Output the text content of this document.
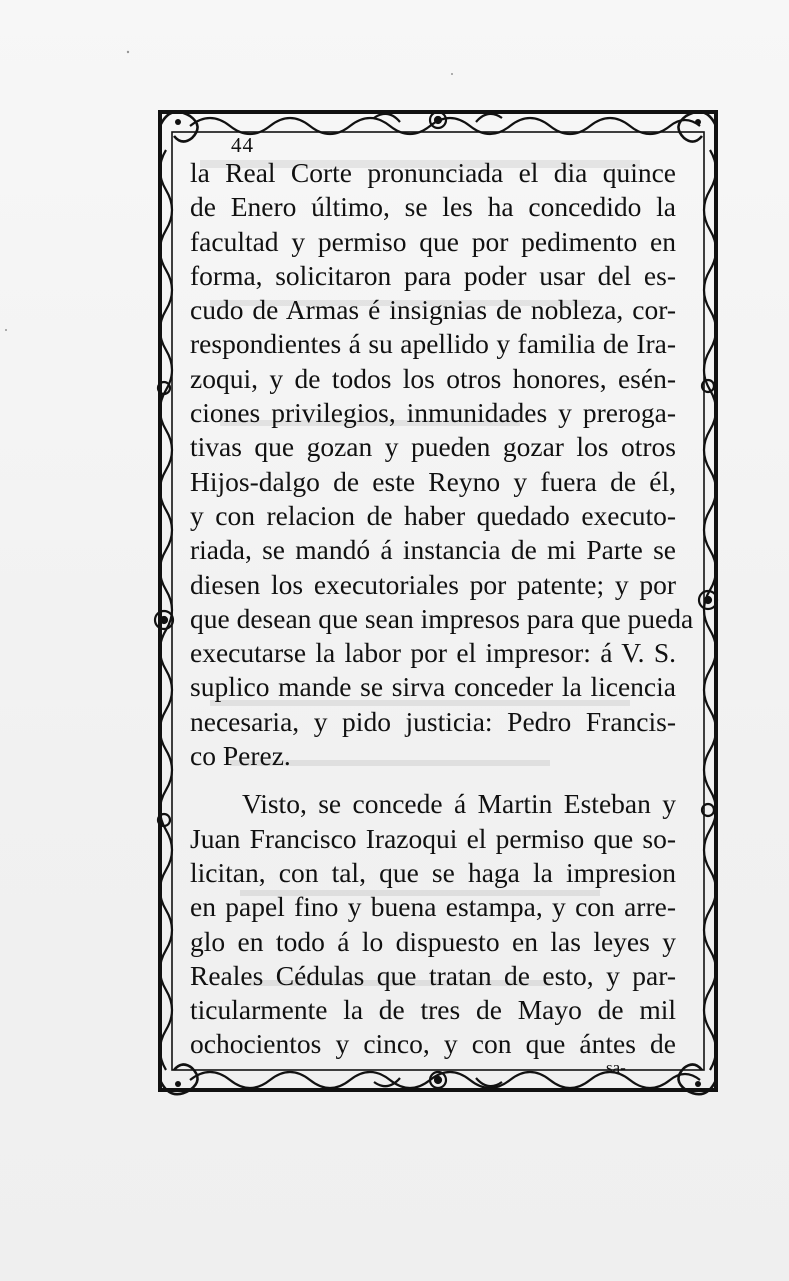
44
la Real Corte pronunciada el dia quince
de Enero último, se les ha concedido la
facultad y permiso que por pedimento en
forma, solicitaron para poder usar del es-
cudo de Armas é insignias de nobleza, cor-
respondientes á su apellido y familia de Ira-
zoqui, y de todos los otros honores, esén-
ciones privilegios, inmunidades y preroga-
tivas que gozan y pueden gozar los otros
Hijos-dalgo de este Reyno y fuera de él,
y con relacion de haber quedado executo-
riada, se mandó á instancia de mi Parte se
diesen los executoriales por patente; y por
que desean que sean impresos para que pueda
executarse la labor por el impresor: á V. S.
suplico mande se sirva conceder la licencia
necesaria, y pido justicia: Pedro Francis-
co Perez.
Visto, se concede á Martin Esteban y
Juan Francisco Irazoqui el permiso que so-
licitan, con tal, que se haga la impresion
en papel fino y buena estampa, y con arre-
glo en todo á lo dispuesto en las leyes y
Reales Cédulas que tratan de esto, y par-
ticularmente la de tres de Mayo de mil
ochocientos y cinco, y con que ántes de
sa-
